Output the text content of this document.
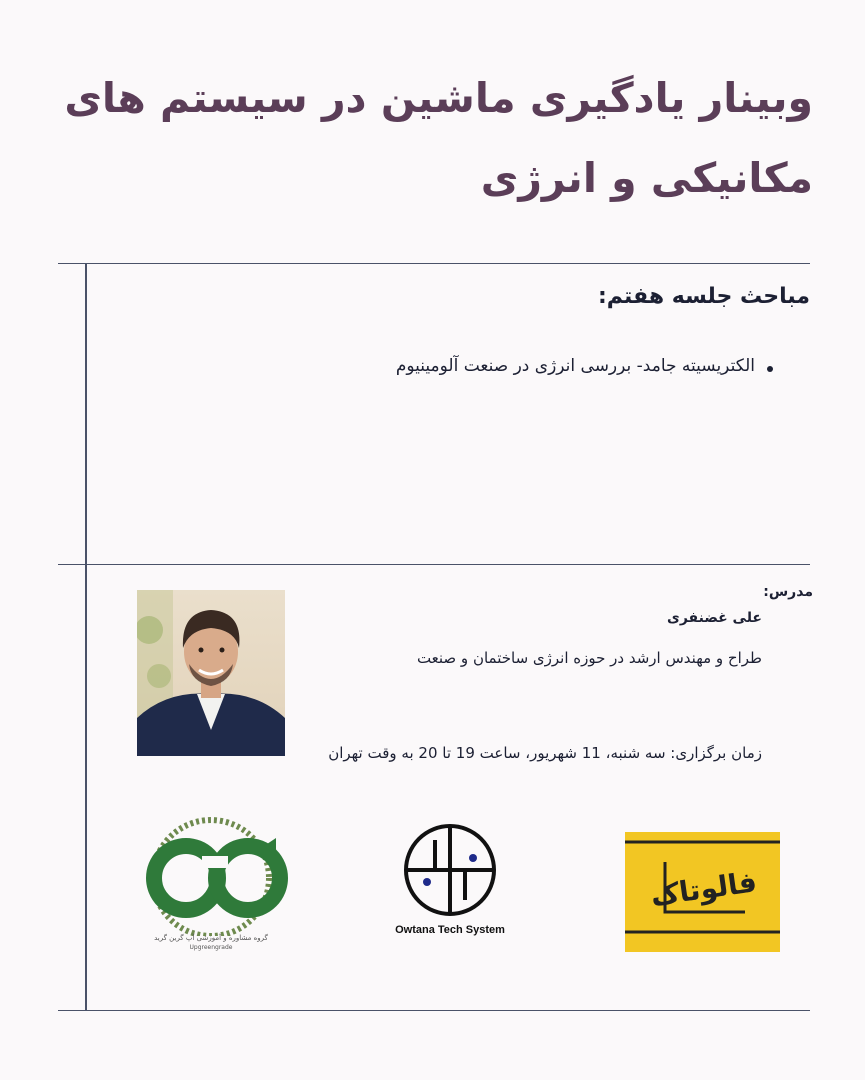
وبینار یادگیری ماشین در سیستم های
مکانیکی و انرژی
مباحث جلسه هفتم:
الکتریسیته جامد- بررسی انرژی در صنعت آلومینیوم

مدرس:

علی غضنفری

طراح و مهندس ارشد در حوزه انرژی ساختمان و صنعت

زمان برگزاری: سه شنبه، 11 شهریور، ساعت 19 تا 20 به وقت تهران

گروه مشاوره و آموزشی آپ گرین گرید

Upgreengrade

Owtana Tech System

فالوتاک
